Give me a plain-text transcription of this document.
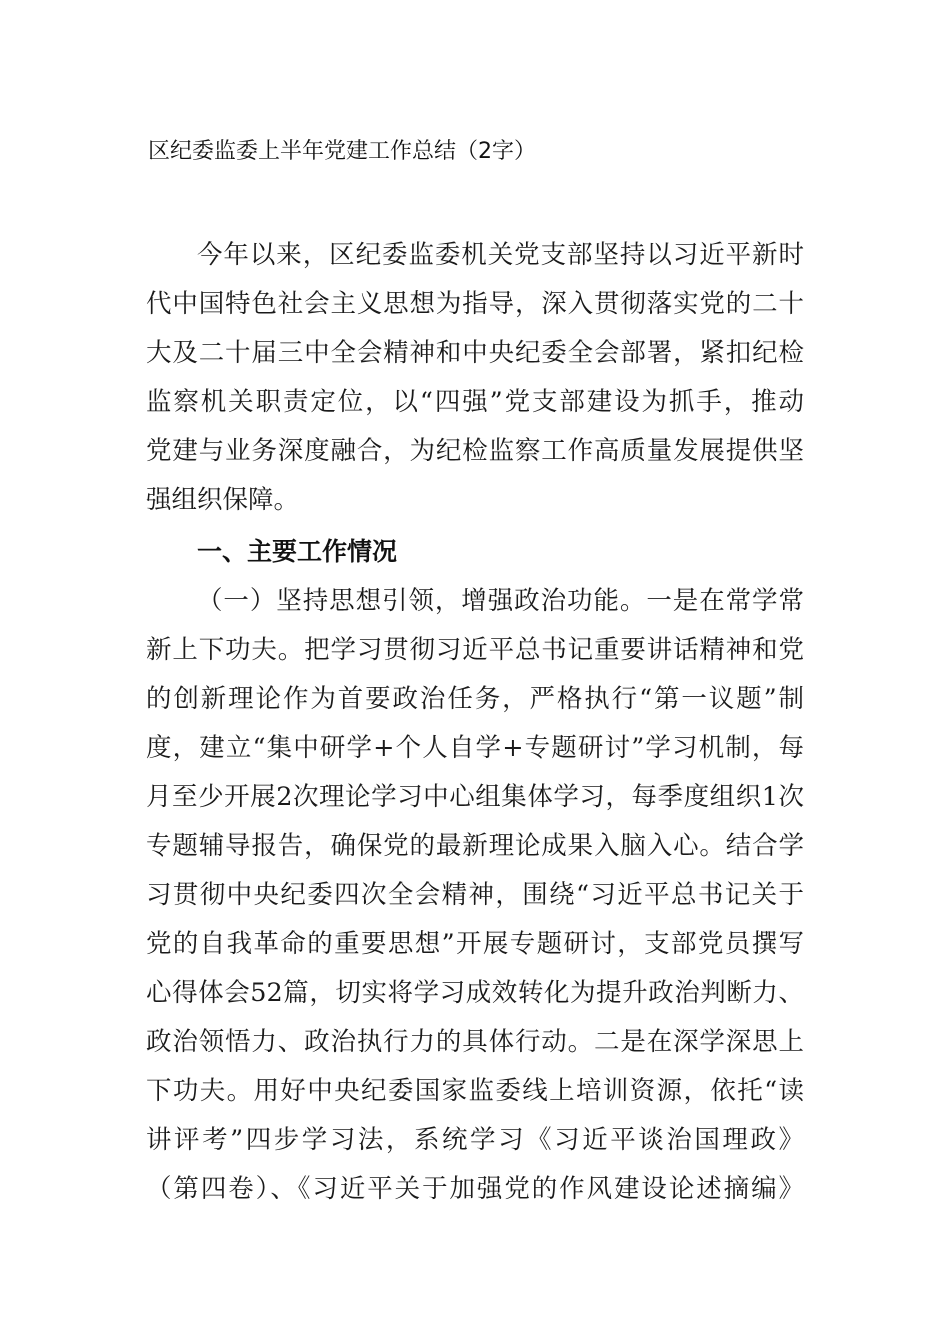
区纪委监委上半年党建工作总结（2字）
今年以来，区纪委监委机关党支部坚持以习近平新时
代中国特色社会主义思想为指导，深入贯彻落实党的二十
大及二十届三中全会精神和中央纪委全会部署，紧扣纪检
监察机关职责定位，以“四强”党支部建设为抓手，推动
党建与业务深度融合，为纪检监察工作高质量发展提供坚
强组织保障。
一、主要工作情况
（一）坚持思想引领，增强政治功能。一是在常学常
新上下功夫。把学习贯彻习近平总书记重要讲话精神和党
的创新理论作为首要政治任务，严格执行“第一议题”制
度，建立“集中研学+个人自学+专题研讨”学习机制，每
月至少开展2次理论学习中心组集体学习，每季度组织1次
专题辅导报告，确保党的最新理论成果入脑入心。结合学
习贯彻中央纪委四次全会精神，围绕“习近平总书记关于
党的自我革命的重要思想”开展专题研讨，支部党员撰写
心得体会52篇，切实将学习成效转化为提升政治判断力、
政治领悟力、政治执行力的具体行动。二是在深学深思上
下功夫。用好中央纪委国家监委线上培训资源，依托“读
讲评考”四步学习法，系统学习《习近平谈治国理政》
（第四卷）、《习近平关于加强党的作风建设论述摘编》
